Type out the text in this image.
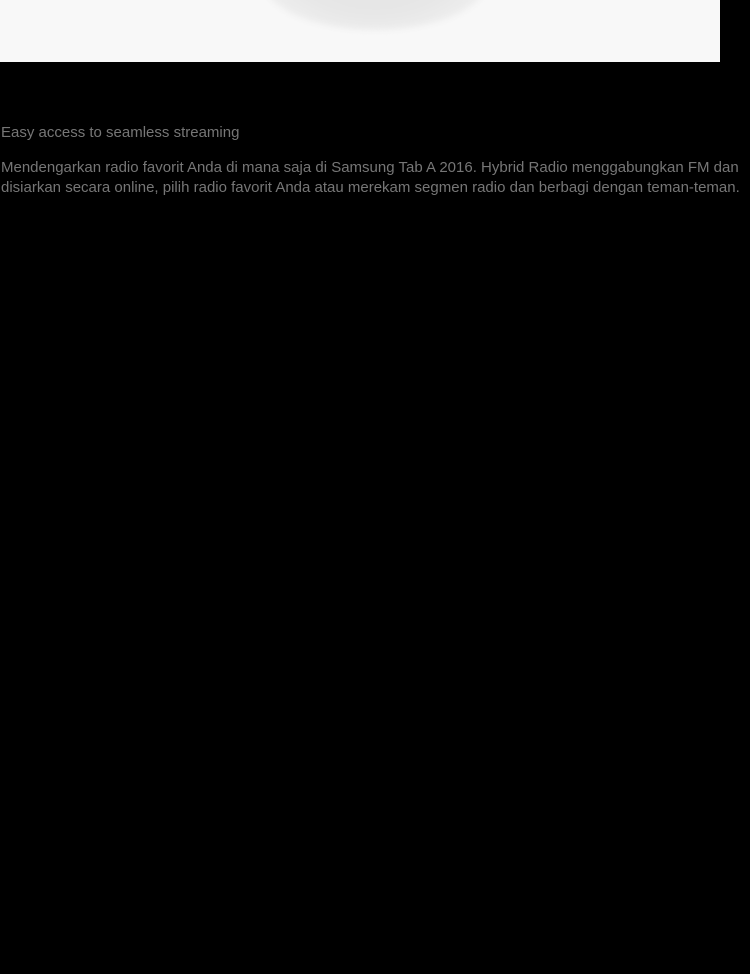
Easy access to seamless streaming
Mendengarkan radio favorit Anda di mana saja di Samsung Tab A 2016. Hybrid Radio menggabungkan FM dan
disiarkan secara online, pilih radio favorit Anda atau merekam segmen radio dan berbagi dengan teman-teman.
